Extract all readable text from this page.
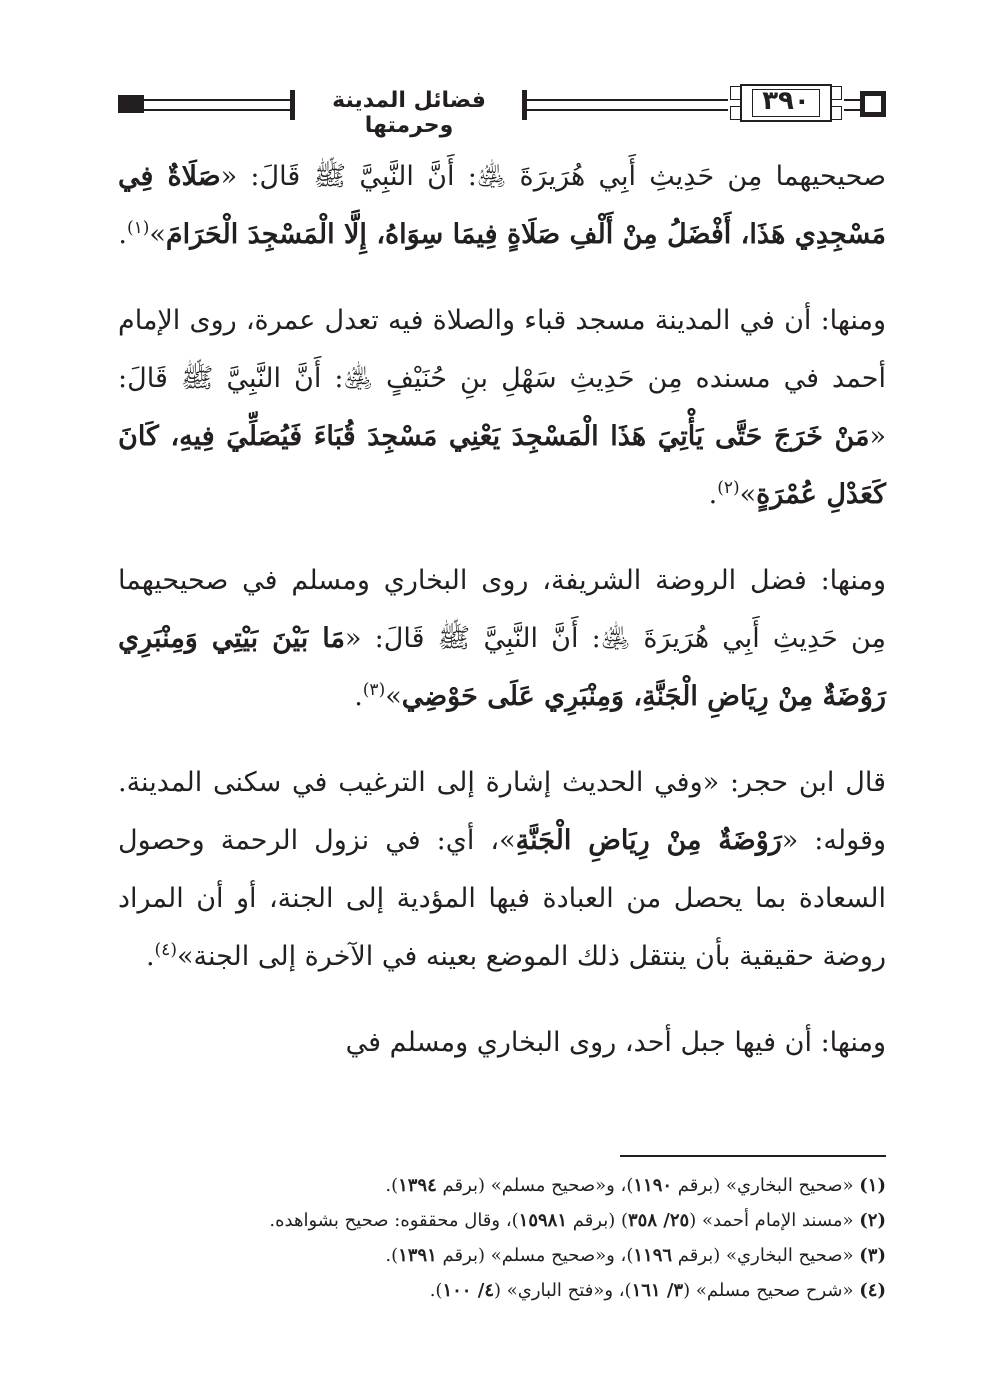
فضائل المدينة وحرمتها
٣٩٠

صحيحيهما مِن حَدِيثِ أَبِي هُرَيرَةَ ﵁: أَنَّ النَّبِيَّ ﷺ قَالَ: «صَلَاةٌ فِي مَسْجِدِي هَذَا، أَفْضَلُ مِنْ أَلْفِ صَلَاةٍ فِيمَا سِوَاهُ، إِلَّا الْمَسْجِدَ الْحَرَامَ»$^{(١)}$.

ومنها: أن في المدينة مسجد قباء والصلاة فيه تعدل عمرة، روى الإمام أحمد في مسنده مِن حَدِيثِ سَهْلِ بنِ حُنَيْفٍ ﵁: أَنَّ النَّبِيَّ ﷺ قَالَ: «مَنْ خَرَجَ حَتَّى يَأْتِيَ هَذَا الْمَسْجِدَ يَعْنِي مَسْجِدَ قُبَاءَ فَيُصَلِّيَ فِيهِ، كَانَ كَعَدْلِ عُمْرَةٍ»$^{(٢)}$.

ومنها: فضل الروضة الشريفة، روى البخاري ومسلم في صحيحيهما مِن حَدِيثِ أَبِي هُرَيرَةَ ﵁: أَنَّ النَّبِيَّ ﷺ قَالَ: «مَا بَيْنَ بَيْتِي وَمِنْبَرِي رَوْضَةٌ مِنْ رِيَاضِ الْجَنَّةِ، وَمِنْبَرِي عَلَى حَوْضِي»$^{(٣)}$.

قال ابن حجر: «وفي الحديث إشارة إلى الترغيب في سكنى المدينة. وقوله: «رَوْضَةٌ مِنْ رِيَاضِ الْجَنَّةِ»، أي: في نزول الرحمة وحصول السعادة بما يحصل من العبادة فيها المؤدية إلى الجنة، أو أن المراد روضة حقيقية بأن ينتقل ذلك الموضع بعينه في الآخرة إلى الجنة»$^{(٤)}$.

ومنها: أن فيها جبل أحد، روى البخاري ومسلم في

(١) «صحيح البخاري» (برقم ١١٩٠)، و«صحيح مسلم» (برقم ١٣٩٤).
(٢) «مسند الإمام أحمد» (٢٥/ ٣٥٨) (برقم ١٥٩٨١)، وقال محققوه: صحيح بشواهده.
(٣) «صحيح البخاري» (برقم ١١٩٦)، و«صحيح مسلم» (برقم ١٣٩١).
(٤) «شرح صحيح مسلم» (٣/ ١٦١)، و«فتح الباري» (٤/ ١٠٠).
